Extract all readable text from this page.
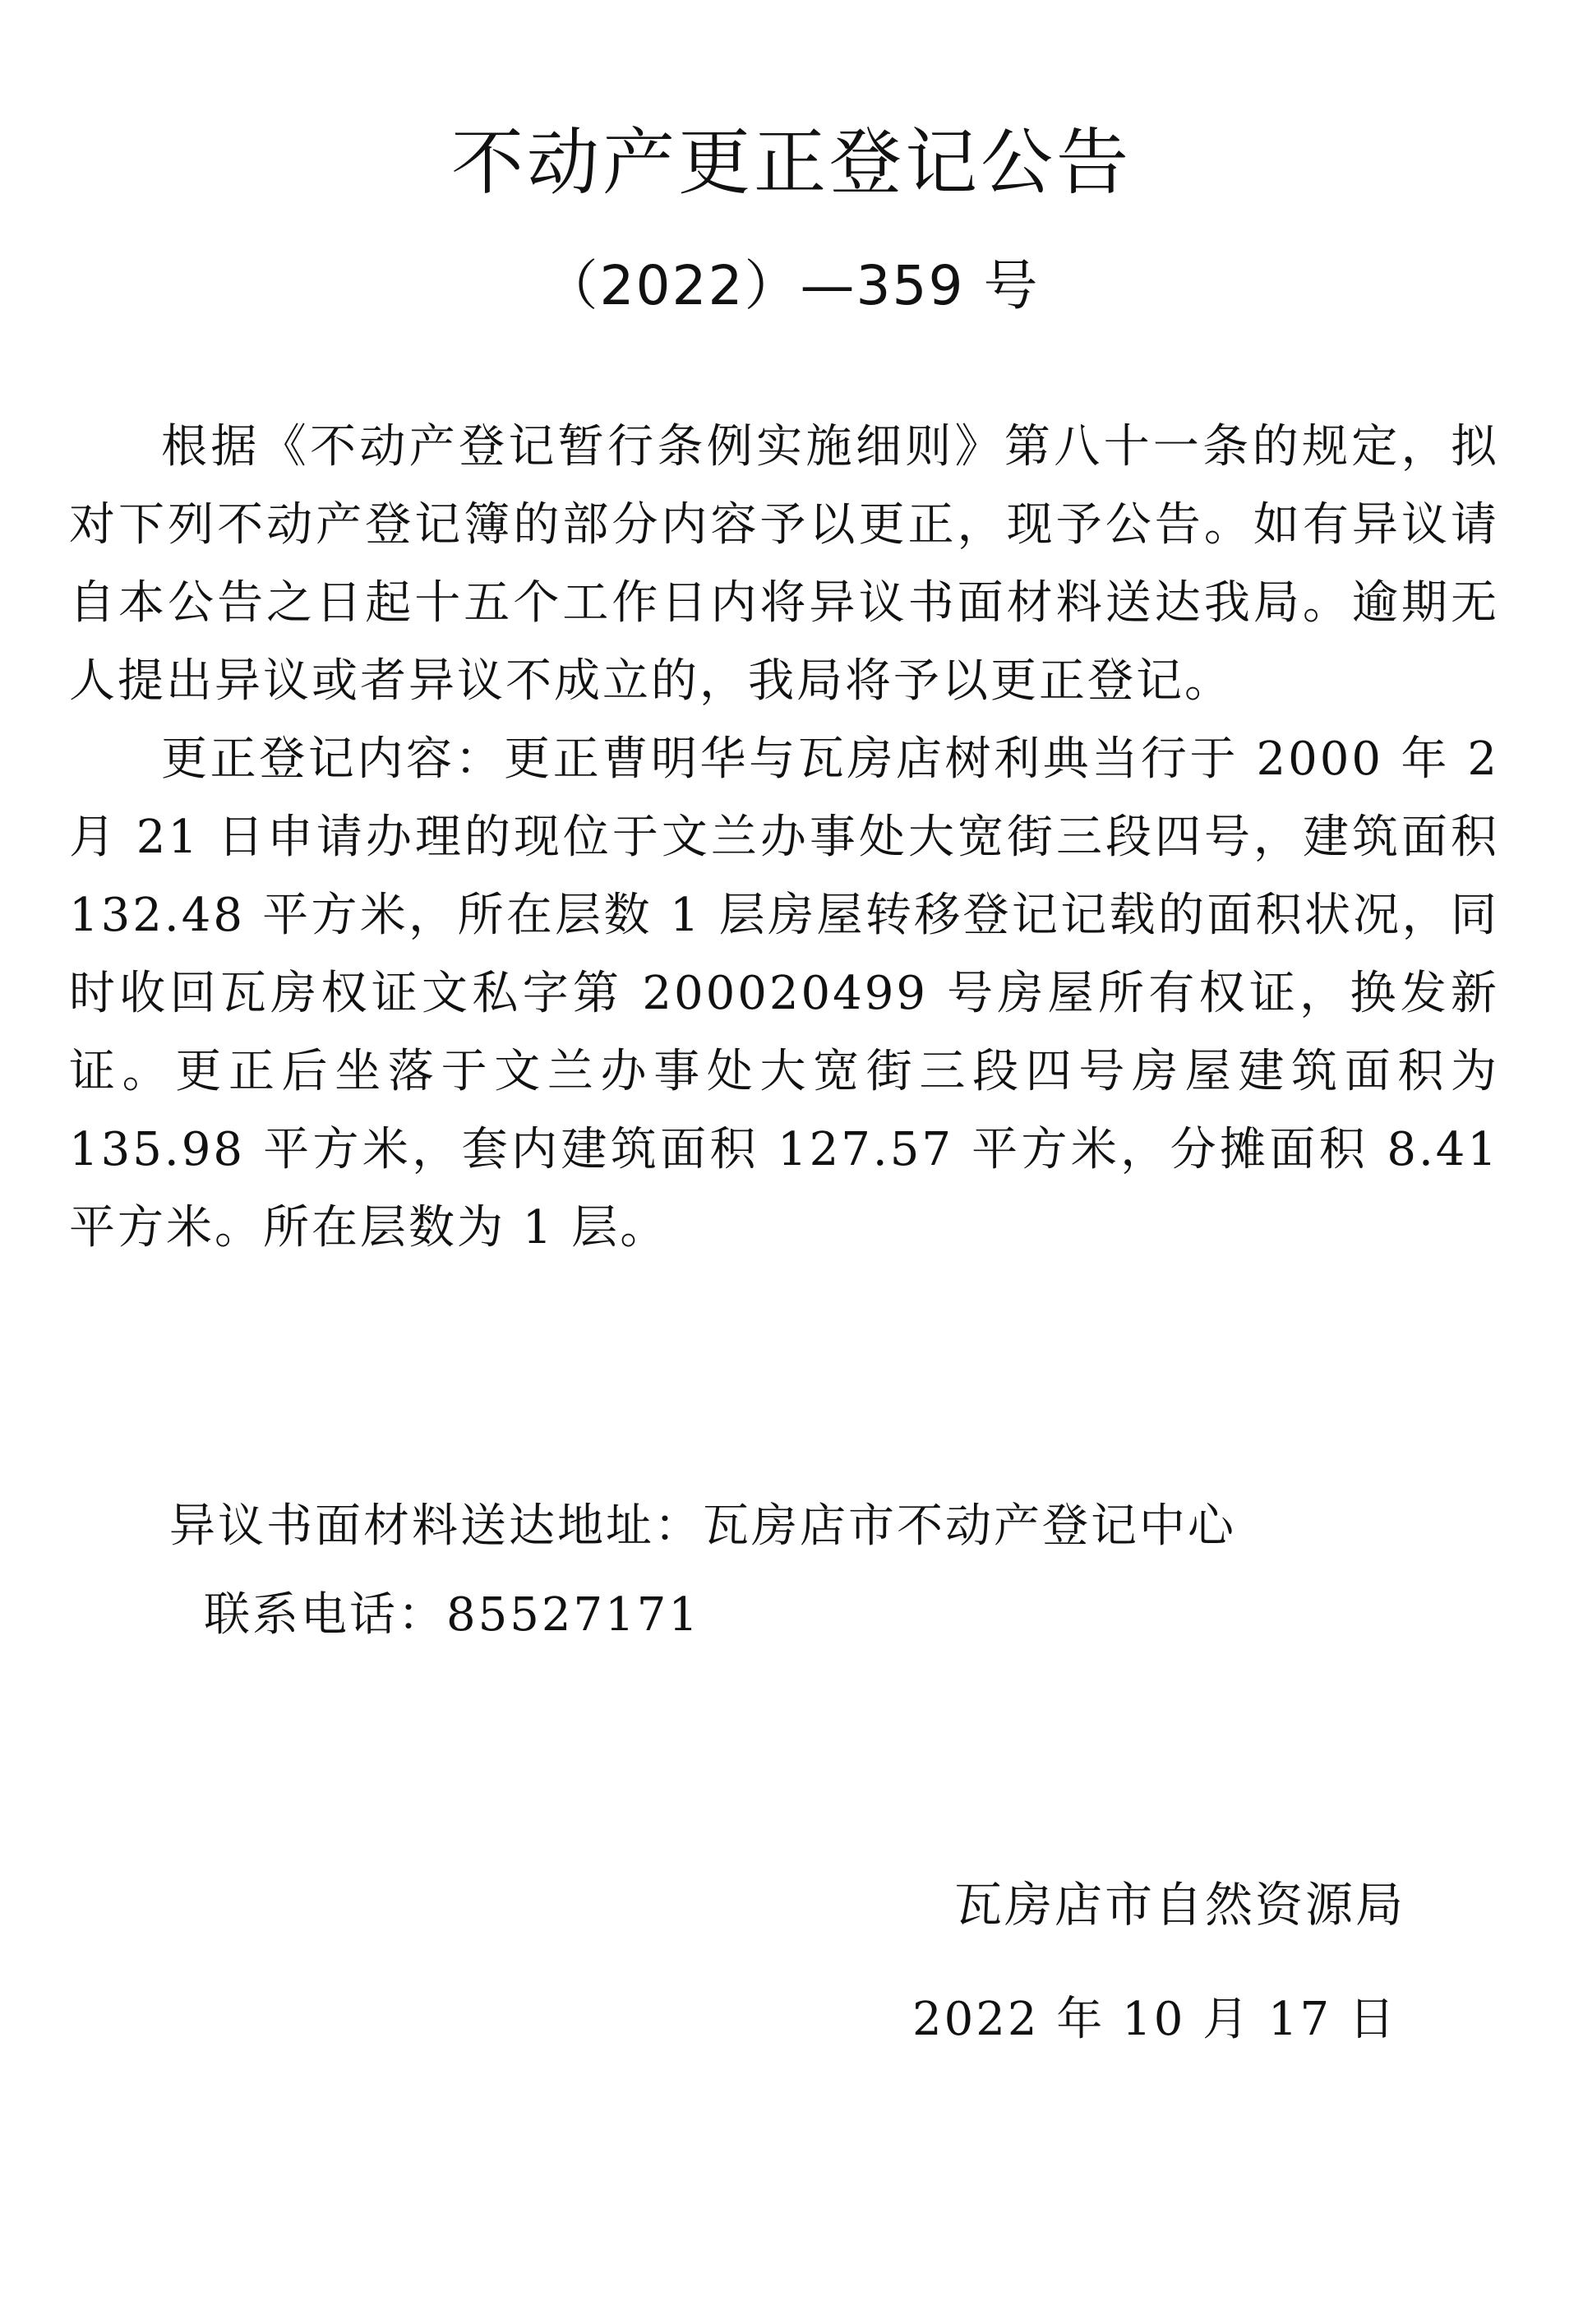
不动产更正登记公告
（2022）—359 号

根据《不动产登记暂行条例实施细则》第八十一条的规定，拟对下列不动产登记簿的部分内容予以更正，现予公告。如有异议请自本公告之日起十五个工作日内将异议书面材料送达我局。逾期无人提出异议或者异议不成立的，我局将予以更正登记。

更正登记内容：更正曹明华与瓦房店树利典当行于 2000 年 2 月 21 日申请办理的现位于文兰办事处大宽街三段四号，建筑面积 132.48 平方米，所在层数 1 层房屋转移登记记载的面积状况，同时收回瓦房权证文私字第 200020499 号房屋所有权证，换发新证。更正后坐落于文兰办事处大宽街三段四号房屋建筑面积为 135.98 平方米，套内建筑面积 127.57 平方米，分摊面积 8.41 平方米。所在层数为 1 层。

异议书面材料送达地址：瓦房店市不动产登记中心
联系电话：85527171
瓦房店市自然资源局
2022 年 10 月 17 日
